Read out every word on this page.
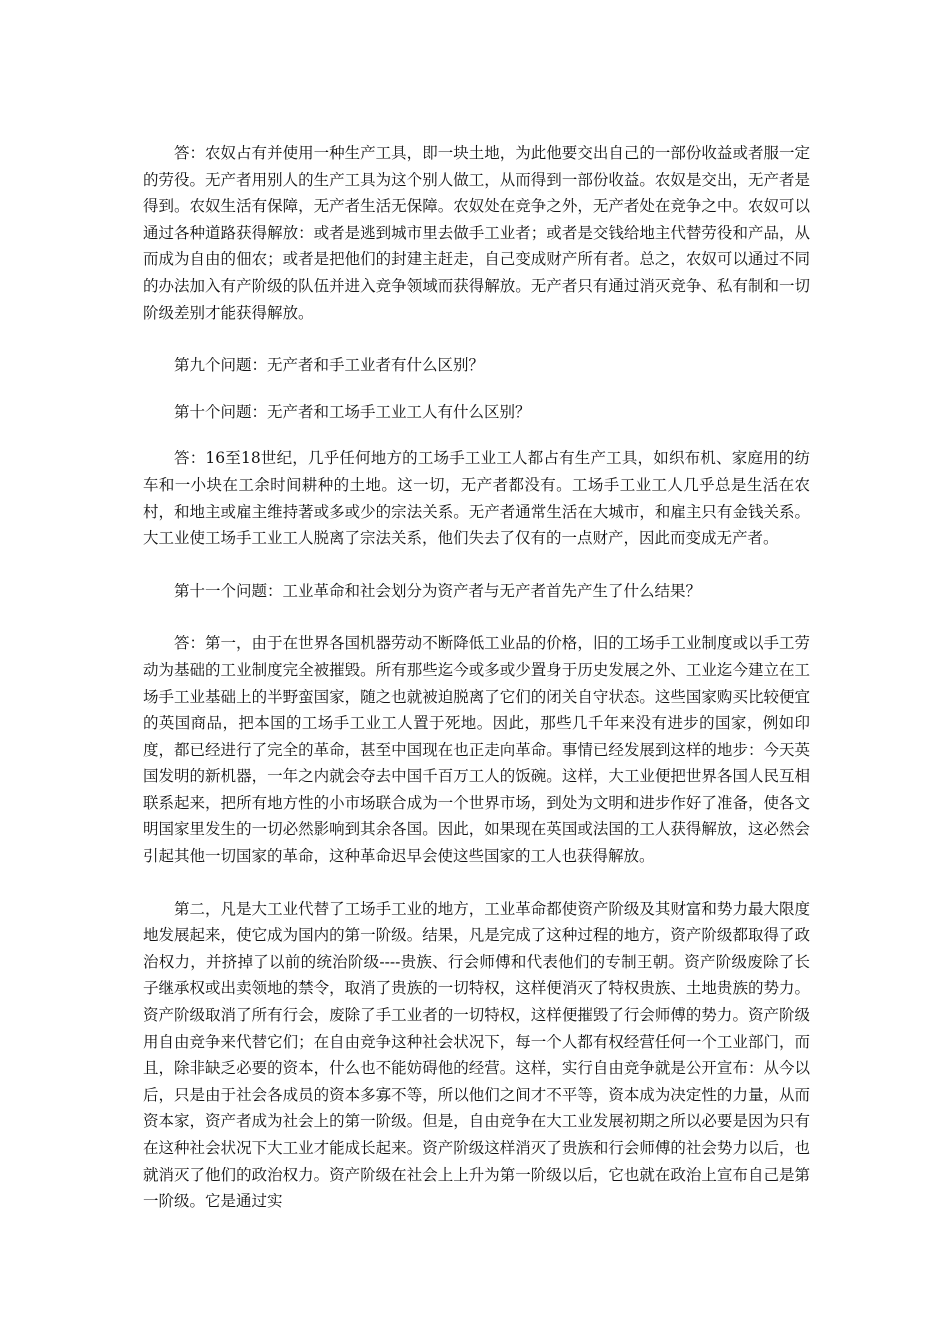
答：农奴占有并使用一种生产工具，即一块土地，为此他要交出自己的一部份收益或者服一定的劳役。无产者用别人的生产工具为这个别人做工，从而得到一部份收益。农奴是交出，无产者是得到。农奴生活有保障，无产者生活无保障。农奴处在竞争之外，无产者处在竞争之中。农奴可以通过各种道路获得解放：或者是逃到城市里去做手工业者；或者是交钱给地主代替劳役和产品，从而成为自由的佃农；或者是把他们的封建主赶走，自己变成财产所有者。总之，农奴可以通过不同的办法加入有产阶级的队伍并进入竞争领域而获得解放。无产者只有通过消灭竞争、私有制和一切阶级差别才能获得解放。

第九个问题：无产者和手工业者有什么区别？

第十个问题：无产者和工场手工业工人有什么区别？

答：16至18世纪，几乎任何地方的工场手工业工人都占有生产工具，如织布机、家庭用的纺车和一小块在工余时间耕种的土地。这一切，无产者都没有。工场手工业工人几乎总是生活在农村，和地主或雇主维持著或多或少的宗法关系。无产者通常生活在大城市，和雇主只有金钱关系。大工业使工场手工业工人脱离了宗法关系，他们失去了仅有的一点财产，因此而变成无产者。

第十一个问题：工业革命和社会划分为资产者与无产者首先产生了什么结果？

答：第一，由于在世界各国机器劳动不断降低工业品的价格，旧的工场手工业制度或以手工劳动为基础的工业制度完全被摧毁。所有那些迄今或多或少置身于历史发展之外、工业迄今建立在工场手工业基础上的半野蛮国家，随之也就被迫脱离了它们的闭关自守状态。这些国家购买比较便宜的英国商品，把本国的工场手工业工人置于死地。因此，那些几千年来没有进步的国家，例如印度，都已经进行了完全的革命，甚至中国现在也正走向革命。事情已经发展到这样的地步：今天英国发明的新机器，一年之内就会夺去中国千百万工人的饭碗。这样，大工业便把世界各国人民互相联系起来，把所有地方性的小市场联合成为一个世界市场，到处为文明和进步作好了准备，使各文明国家里发生的一切必然影响到其余各国。因此，如果现在英国或法国的工人获得解放，这必然会引起其他一切国家的革命，这种革命迟早会使这些国家的工人也获得解放。

第二，凡是大工业代替了工场手工业的地方，工业革命都使资产阶级及其财富和势力最大限度地发展起来，使它成为国内的第一阶级。结果，凡是完成了这种过程的地方，资产阶级都取得了政治权力，并挤掉了以前的统治阶级----贵族、行会师傅和代表他们的专制王朝。资产阶级废除了长子继承权或出卖领地的禁令，取消了贵族的一切特权，这样便消灭了特权贵族、土地贵族的势力。资产阶级取消了所有行会，废除了手工业者的一切特权，这样便摧毁了行会师傅的势力。资产阶级用自由竞争来代替它们；在自由竞争这种社会状况下，每一个人都有权经营任何一个工业部门，而且，除非缺乏必要的资本，什么也不能妨碍他的经营。这样，实行自由竞争就是公开宣布：从今以后，只是由于社会各成员的资本多寡不等，所以他们之间才不平等，资本成为决定性的力量，从而资本家，资产者成为社会上的第一阶级。但是，自由竞争在大工业发展初期之所以必要是因为只有在这种社会状况下大工业才能成长起来。资产阶级这样消灭了贵族和行会师傅的社会势力以后，也就消灭了他们的政治权力。资产阶级在社会上上升为第一阶级以后，它也就在政治上宣布自己是第一阶级。它是通过实
